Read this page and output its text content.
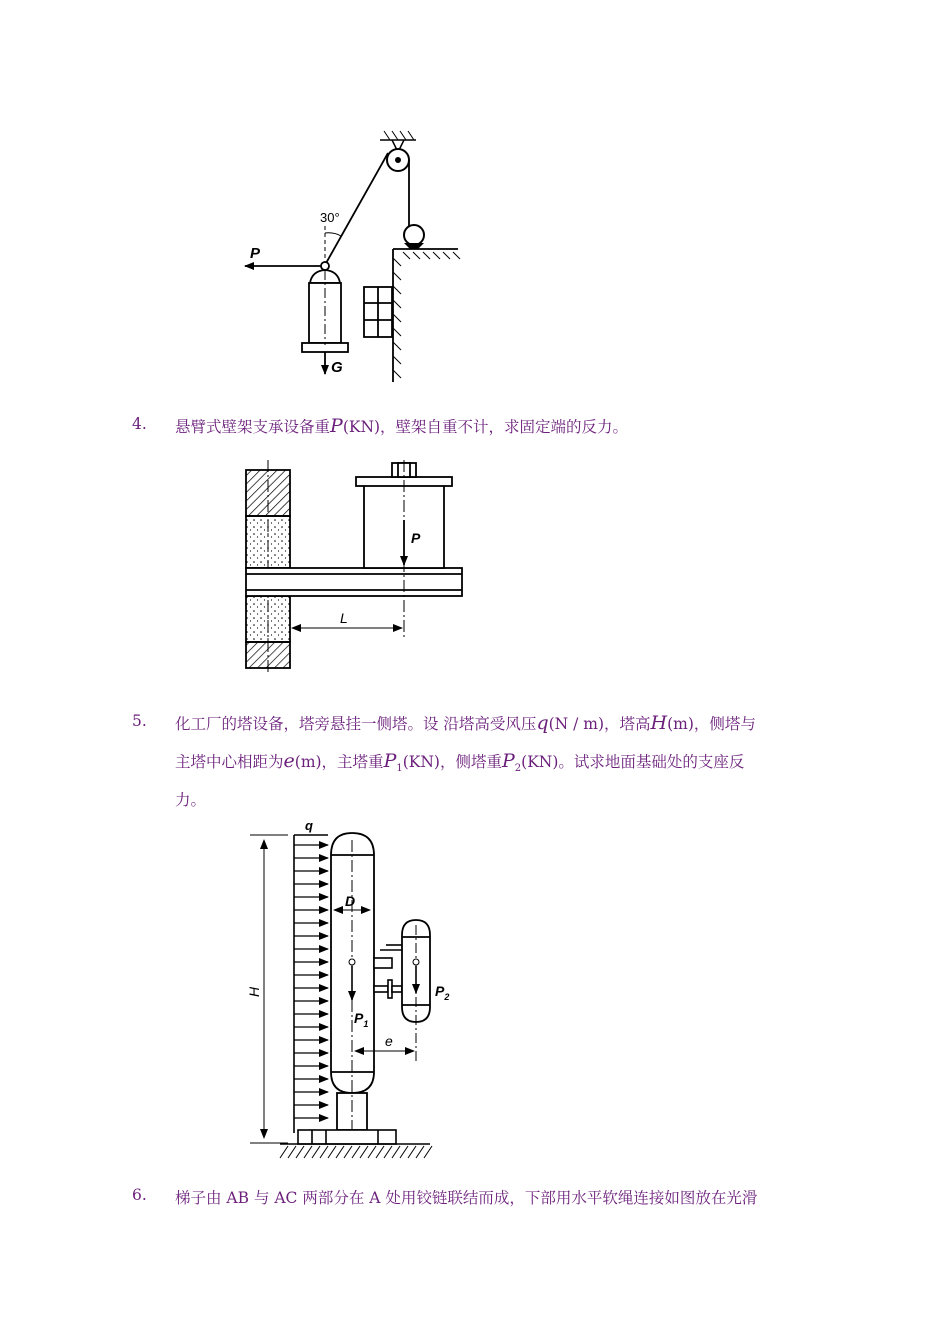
30°
P
G
4. 悬臂式壁架支承设备重P(KN)，壁架自重不计，求固定端的反力。
P
L
5. 化工厂的塔设备，塔旁悬挂一侧塔。设 沿塔高受风压q(N / m)，塔高H(m)，侧塔与
主塔中心相距为e(m)，主塔重$P_1(KN)$，侧塔重$P_2(KN)$。试求地面基础处的支座反
力。
H
q
$P_1$
D
$P_2$
e
6. 梯子由 AB 与 AC 两部分在 A 处用铰链联结而成，下部用水平软绳连接如图放在光滑
